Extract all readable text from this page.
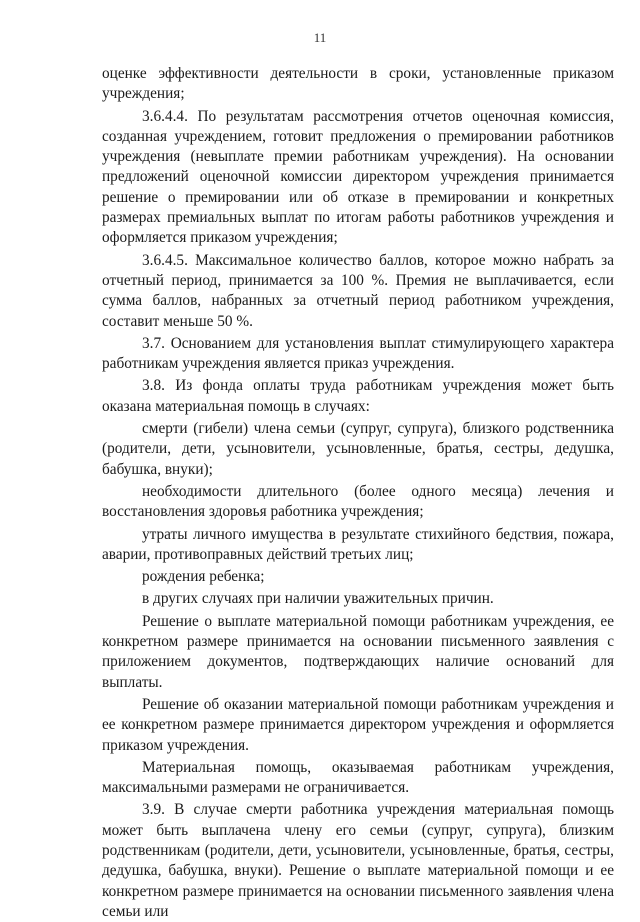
11

оценке эффективности деятельности в сроки, установленные приказом учреждения;

3.6.4.4. По результатам рассмотрения отчетов оценочная комиссия, созданная учреждением, готовит предложения о премировании работников учреждения (невыплате премии работникам учреждения). На основании предложений оценочной комиссии директором учреждения принимается решение о премировании или об отказе в премировании и конкретных размерах премиальных выплат по итогам работы работников учреждения и оформляется приказом учреждения;

3.6.4.5. Максимальное количество баллов, которое можно набрать за отчетный период, принимается за 100 %. Премия не выплачивается, если сумма баллов, набранных за отчетный период работником учреждения, составит меньше 50 %.

3.7. Основанием для установления выплат стимулирующего характера работникам учреждения является приказ учреждения.

3.8. Из фонда оплаты труда работникам учреждения может быть оказана материальная помощь в случаях:

смерти (гибели) члена семьи (супруг, супруга), близкого родственника (родители, дети, усыновители, усыновленные, братья, сестры, дедушка, бабушка, внуки);

необходимости длительного (более одного месяца) лечения и восстановления здоровья работника учреждения;

утраты личного имущества в результате стихийного бедствия, пожара, аварии, противоправных действий третьих лиц;

рождения ребенка;

в других случаях при наличии уважительных причин.

Решение о выплате материальной помощи работникам учреждения, ее конкретном размере принимается на основании письменного заявления с приложением документов, подтверждающих наличие оснований для выплаты.

Решение об оказании материальной помощи работникам учреждения и ее конкретном размере принимается директором учреждения и оформляется приказом учреждения.

Материальная помощь, оказываемая работникам учреждения, максимальными размерами не ограничивается.

3.9. В случае смерти работника учреждения материальная помощь может быть выплачена члену его семьи (супруг, супруга), близким родственникам (родители, дети, усыновители, усыновленные, братья, сестры, дедушка, бабушка, внуки). Решение о выплате материальной помощи и ее конкретном размере принимается на основании письменного заявления члена семьи или
